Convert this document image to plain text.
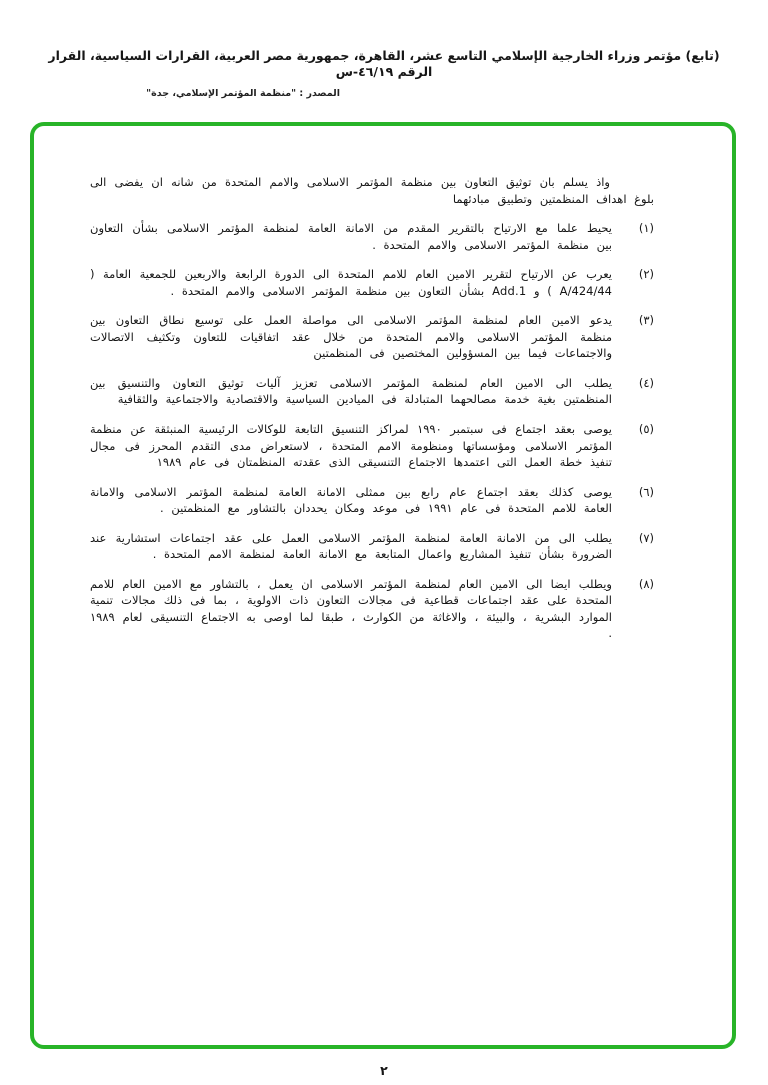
(تابع) مؤتمر وزراء الخارجية الإسلامي التاسع عشر، القاهرة، جمهورية مصر العربية، القرارات السياسية، القرار الرقم ٤٦/١٩-س
المصدر : "منظمة المؤتمر الإسلامي، جدة"

واذ يسلم بان توثيق التعاون بين منظمة المؤتمر الاسلامى والامم المتحدة من شانه ان يفضى الى بلوغ اهداف المنظمتين وتطبيق مبادئهما

(١)

يحيط علما مع الارتياح بالتقرير المقدم من الامانة العامة لمنظمة المؤتمر الاسلامى بشأن التعاون بين منظمة المؤتمر الاسلامى والامم المتحدة .

(٢)

يعرب عن الارتياح لتقرير الامين العام للامم المتحدة الى الدورة الرابعة والاربعين للجمعية العامة ( 424/44/A ) و Add.1 بشأن التعاون بين منظمة المؤتمر الاسلامى والامم المتحدة .

(٣)

يدعو الامين العام لمنظمة المؤتمر الاسلامى الى مواصلة العمل على توسيع نطاق التعاون بين منظمة المؤتمر الاسلامى والامم المتحدة من خلال عقد اتفاقيات للتعاون وتكثيف الاتصالات والاجتماعات فيما بين المسؤولين المختصين فى المنظمتين

(٤)

يطلب الى الامين العام لمنظمة المؤتمر الاسلامى تعزيز آليات توثيق التعاون والتنسيق بين المنظمتين بغية خدمة مصالحهما المتبادلة فى الميادين السياسية والاقتصادية والاجتماعية والثقافية

(٥)

يوصى بعقد اجتماع فى سبتمبر ١٩٩٠ لمراكز التنسيق التابعة للوكالات الرئيسية المنبثقة عن منظمة المؤتمر الاسلامى ومؤسساتها ومنظومة الامم المتحدة ، لاستعراض مدى التقدم المحرز فى مجال تنفيذ خطة العمل التى اعتمدها الاجتماع التنسيقى الذى عقدته المنظمتان فى عام ١٩٨٩

(٦)

يوصى كذلك بعقد اجتماع عام رابع بين ممثلى الامانة العامة لمنظمة المؤتمر الاسلامى والامانة العامة للامم المتحدة فى عام ١٩٩١ فى موعد ومكان يحددان بالتشاور مع المنظمتين .

(٧)

يطلب الى من الامانة العامة لمنظمة المؤتمر الاسلامى العمل على عقد اجتماعات استشارية عند الضرورة بشأن تنفيذ المشاريع واعمال المتابعة مع الامانة العامة لمنظمة الامم المتحدة .

(٨)

ويطلب ايضا الى الامين العام لمنظمة المؤتمر الاسلامى ان يعمل ، بالتشاور مع الامين العام للامم المتحدة على عقد اجتماعات قطاعية فى مجالات التعاون ذات الاولوية ، بما فى ذلك مجالات تنمية الموارد البشرية ، والبيئة ، والاغاثة من الكوارث ، طبقا لما اوصى به الاجتماع التنسيقى لعام ١٩٨٩ .

٢
